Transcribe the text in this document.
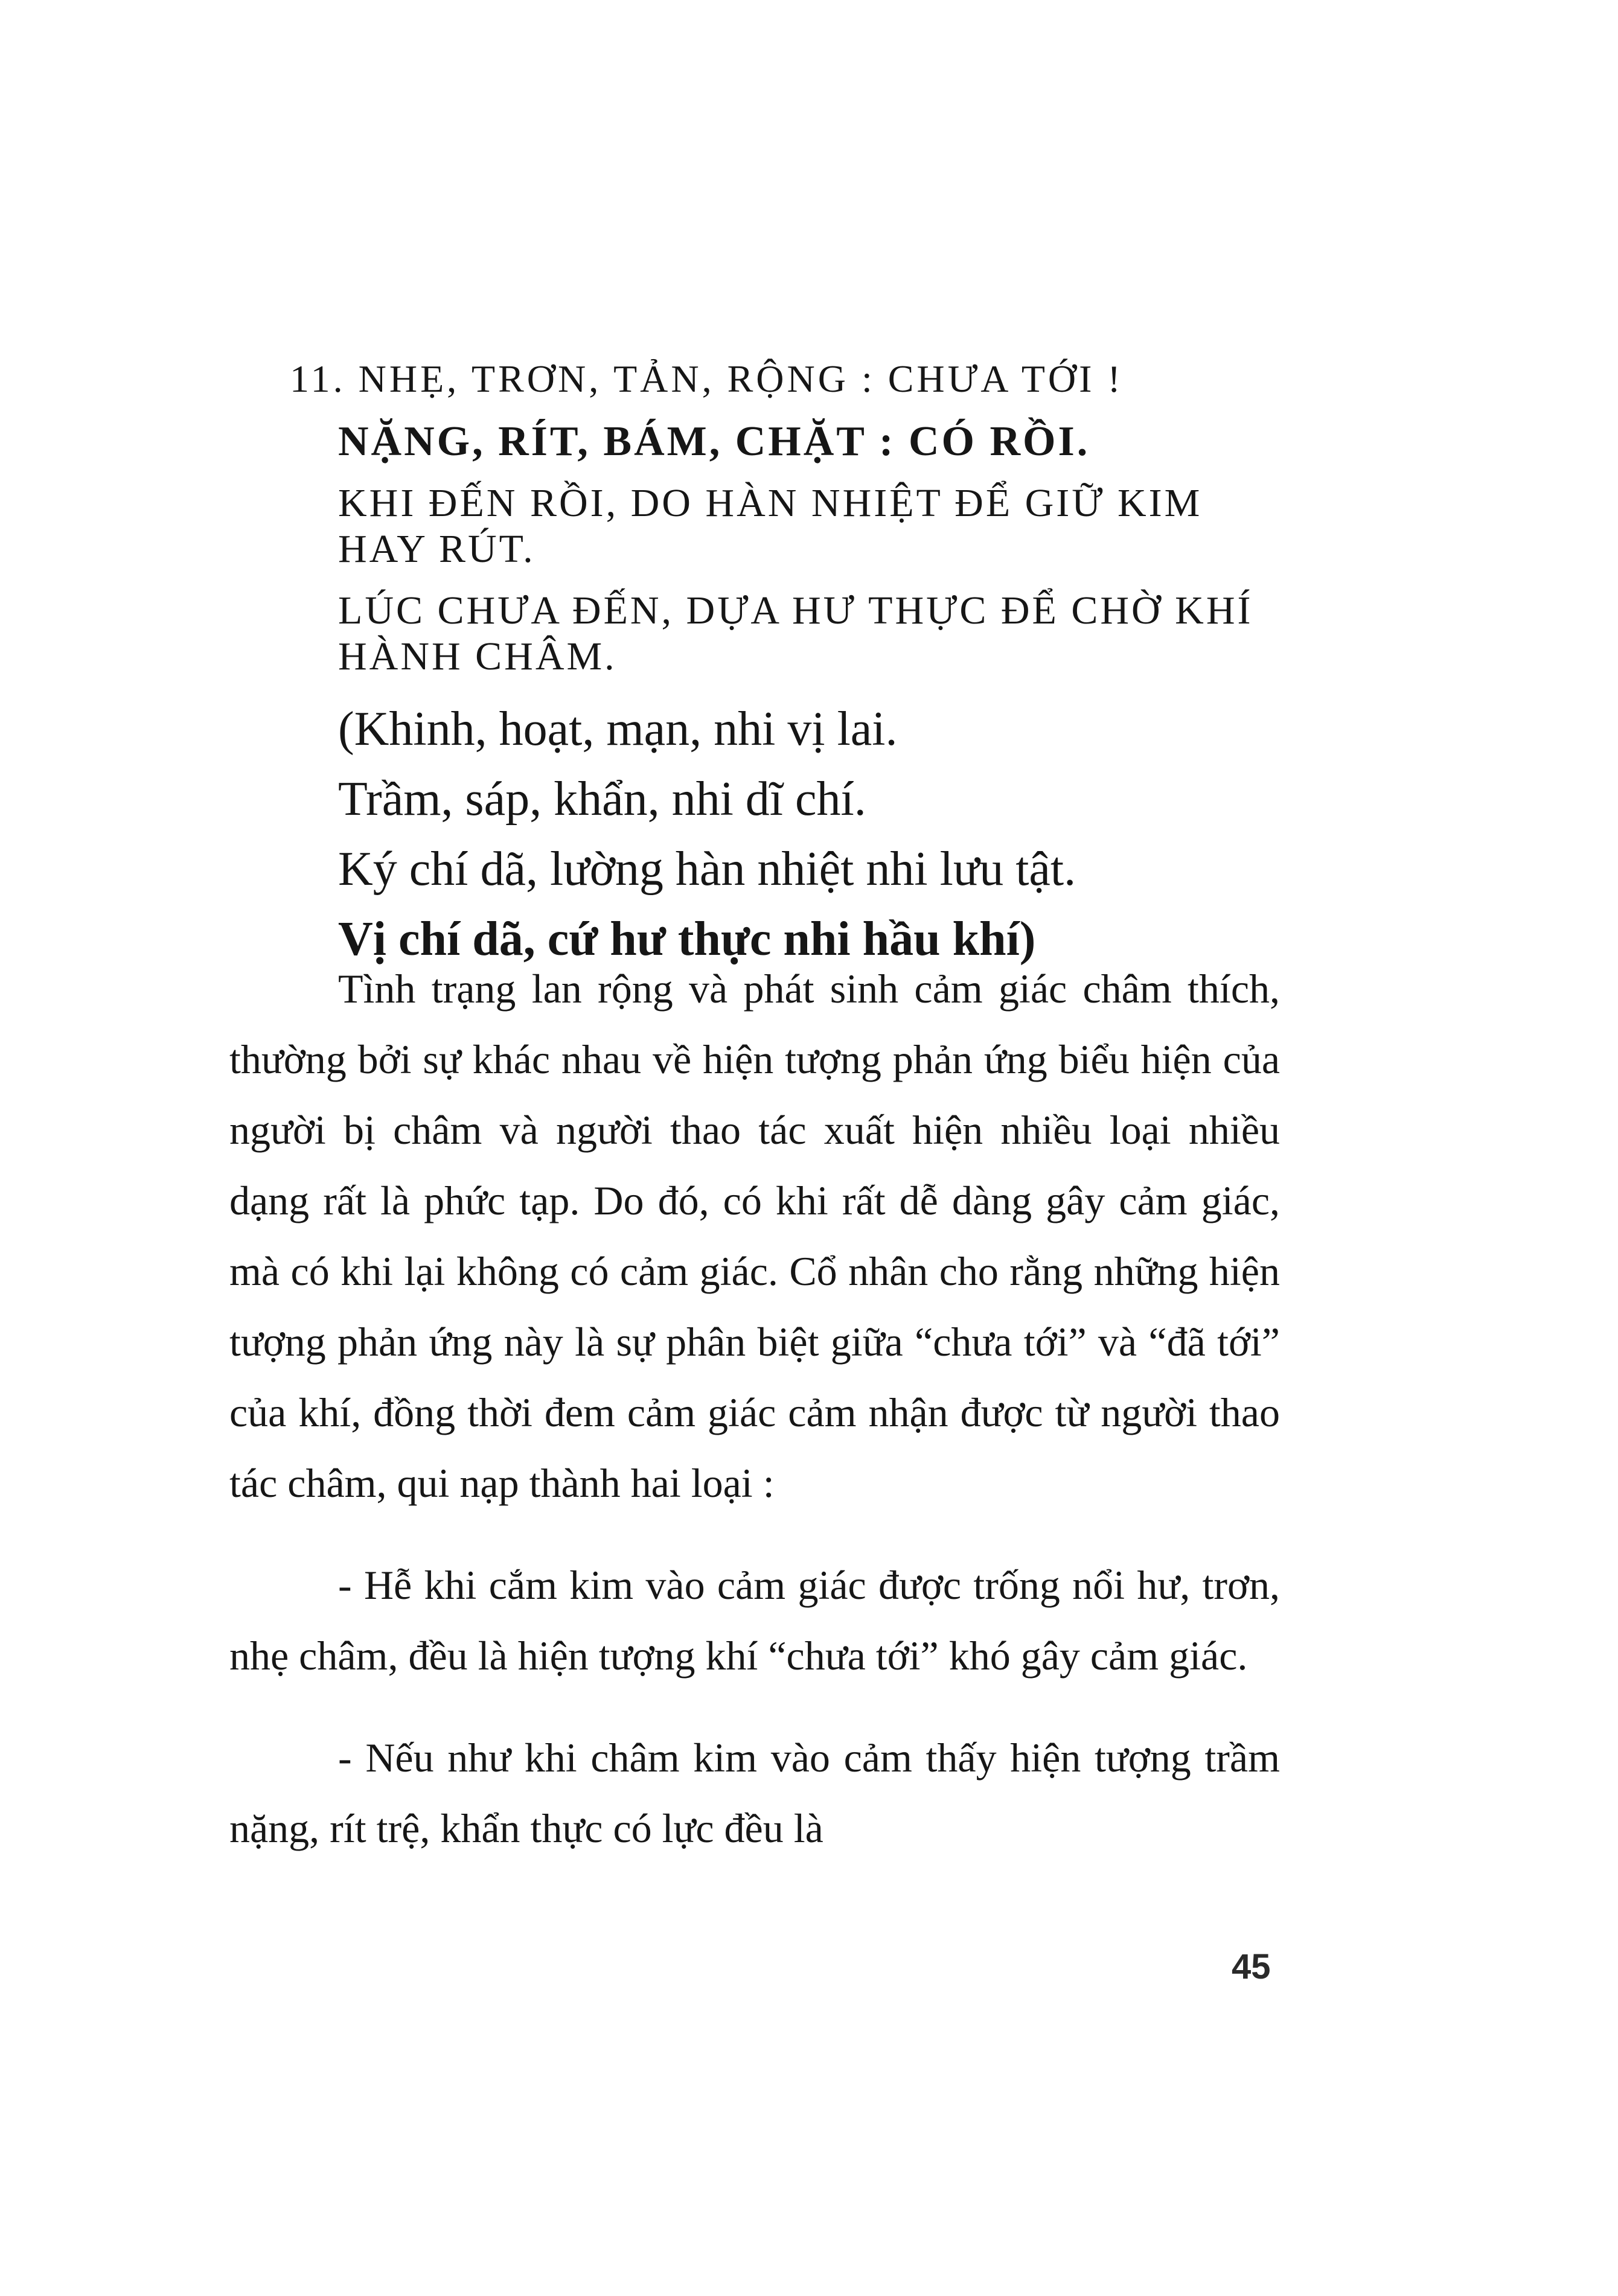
11. NHẸ, TRƠN, TẢN, RỘNG : CHƯA TỚI !

NẶNG, RÍT, BÁM, CHẶT : CÓ RỒI.

KHI ĐẾN RỒI, DO HÀN NHIỆT ĐỂ GIỮ KIM

HAY RÚT.

LÚC CHƯA ĐẾN, DỰA HƯ THỰC ĐỂ CHỜ KHÍ

HÀNH CHÂM.

(Khinh, hoạt, mạn, nhi vị lai.

Trầm, sáp, khẩn, nhi dĩ chí.

Ký chí dã, lường hàn nhiệt nhi lưu tật.

Vị chí dã, cứ hư thực nhi hầu khí)

Tình trạng lan rộng và phát sinh cảm giác châm thích, thường bởi sự khác nhau về hiện tượng phản ứng biểu hiện của người bị châm và người thao tác xuất hiện nhiều loại nhiều dạng rất là phức tạp. Do đó, có khi rất dễ dàng gây cảm giác, mà có khi lại không có cảm giác. Cổ nhân cho rằng những hiện tượng phản ứng này là sự phân biệt giữa “chưa tới” và “đã tới” của khí, đồng thời đem cảm giác cảm nhận được từ người thao tác châm, qui nạp thành hai loại :

- Hễ khi cắm kim vào cảm giác được trống nổi hư, trơn, nhẹ châm, đều là hiện tượng khí “chưa tới” khó gây cảm giác.

- Nếu như khi châm kim vào cảm thấy hiện tượng trầm nặng, rít trệ, khẩn thực có lực đều là

45
